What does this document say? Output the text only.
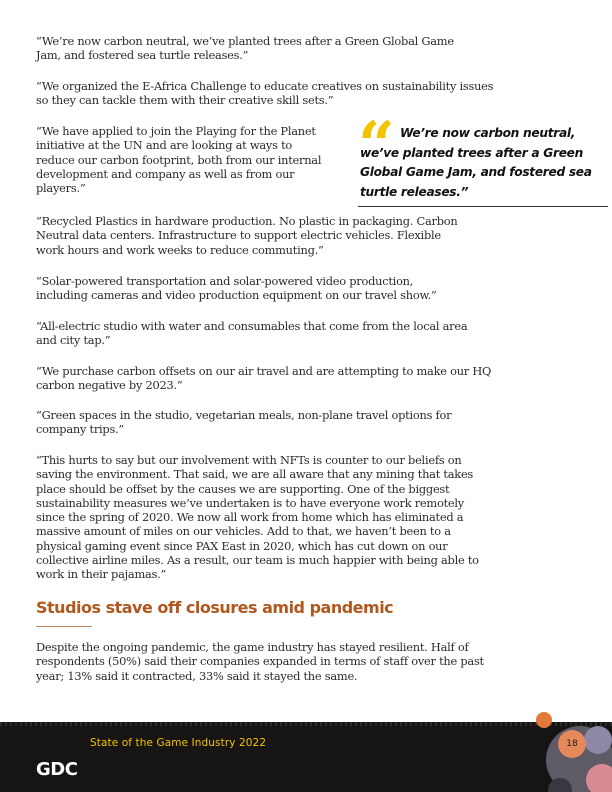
“We’re now carbon neutral, we’ve planted trees after a Green Global Game Jam, and fostered sea turtle releases.”

“We organized the E-Africa Challenge to educate creatives on sustainability issues so they can tackle them with their creative skill sets.”

“We have applied to join the Playing for the Planet initiative at the UN and are looking at ways to reduce our carbon footprint, both from our internal development and company as well as from our players.”

“Recycled Plastics in hardware production. No plastic in packaging. Carbon Neutral data centers. Infrastructure to support electric vehicles. Flexible work hours and work weeks to reduce commuting.”

“Solar-powered transportation and solar-powered video production, including cameras and video production equipment on our travel show.”

“All-electric studio with water and consumables that come from the local area and city tap.”

“We purchase carbon offsets on our air travel and are attempting to make our HQ carbon negative by 2023.”

“Green spaces in the studio, vegetarian meals, non-plane travel options for company trips.”

“This hurts to say but our involvement with NFTs is counter to our beliefs on saving the environment. That said, we are all aware that any mining that takes place should be offset by the causes we are supporting. One of the biggest sustainability measures we’ve undertaken is to have everyone work remotely since the spring of 2020. We now all work from home which has eliminated a massive amount of miles on our vehicles. Add to that, we haven’t been to a physical gaming event since PAX East in 2020, which has cut down on our collective airline miles. As a result, our team is much happier with being able to work in their pajamas.”

“ We’re now carbon neutral, we’ve planted trees after a Green Global Game Jam, and fostered sea turtle releases.”

Studios stave off closures amid pandemic

Despite the ongoing pandemic, the game industry has stayed resilient. Half of respondents (50%) said their companies expanded in terms of staff over the past year; 13% said it contracted, 33% said it stayed the same.

GDC
State of the Game Industry 2022	18
